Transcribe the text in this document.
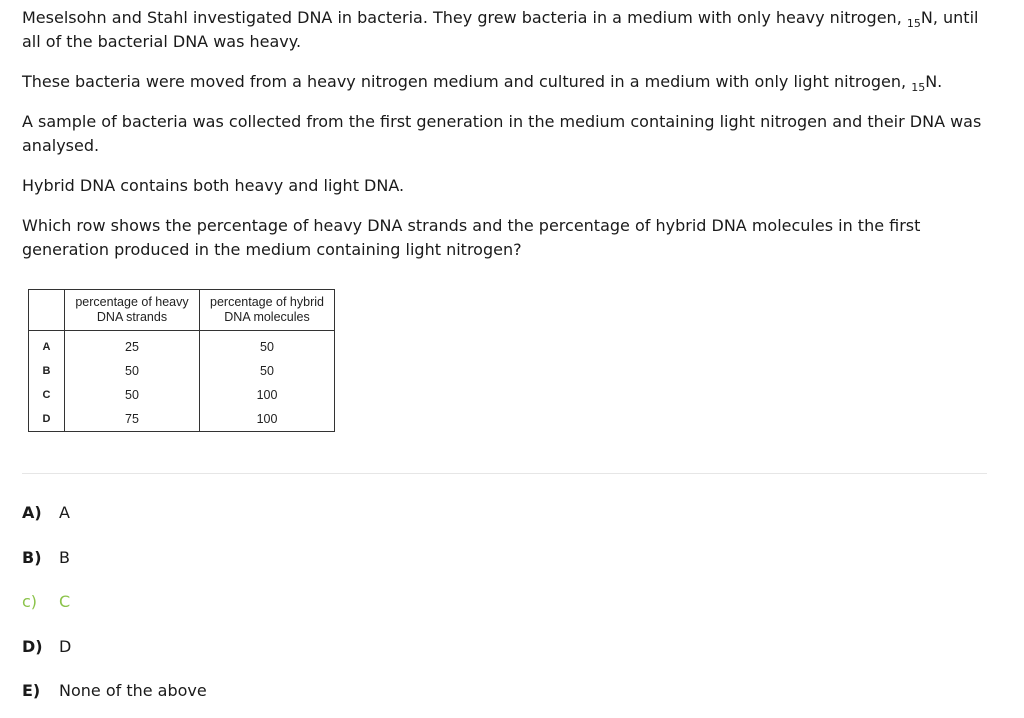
Meselsohn and Stahl investigated DNA in bacteria. They grew bacteria in a medium with only heavy nitrogen, $_{15}$N, until all of the bacterial DNA was heavy.

These bacteria were moved from a heavy nitrogen medium and cultured in a medium with only light nitrogen, $_{15}$N.

A sample of bacteria was collected from the first generation in the medium containing light nitrogen and their DNA was analysed.

Hybrid DNA contains both heavy and light DNA.

Which row shows the percentage of heavy DNA strands and the percentage of hybrid DNA molecules in the first generation produced in the medium containing light nitrogen?

	percentage of heavy DNA strands	percentage of hybrid DNA molecules
A	25	50
B	50	50
C	50	100
D	75	100
A)	A
B)	B
c)	C
D)	D
E)	None of the above
